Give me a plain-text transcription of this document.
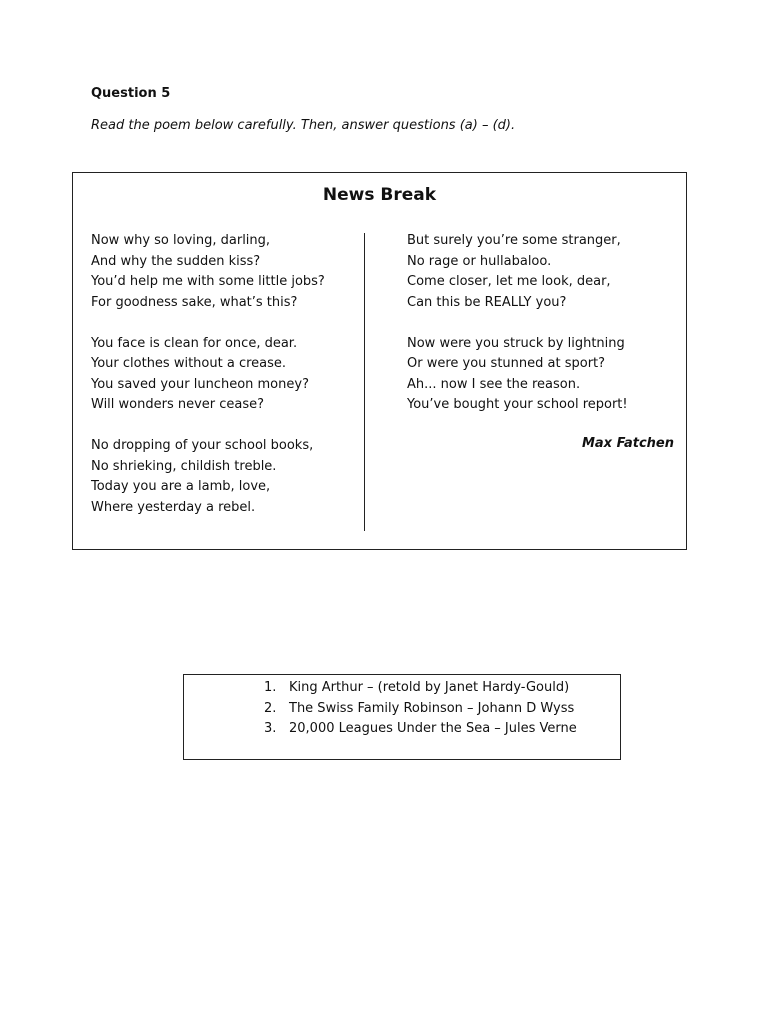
Question 5
Read the poem below carefully. Then, answer questions (a) – (d).
News Break
Now why so loving, darling,
And why the sudden kiss?
You’d help me with some little jobs?
For goodness sake, what’s this?
You face is clean for once, dear.
Your clothes without a crease.
You saved your luncheon money?
Will wonders never cease?
No dropping of your school books,
No shrieking, childish treble.
Today you are a lamb, love,
Where yesterday a rebel.
But surely you’re some stranger,
No rage or hullabaloo.
Come closer, let me look, dear,
Can this be REALLY you?
Now were you struck by lightning
Or were you stunned at sport?
Ah... now I see the reason.
You’ve bought your school report!
Max Fatchen
1. King Arthur – (retold by Janet Hardy-Gould)
2. The Swiss Family Robinson – Johann D Wyss
3. 20,000 Leagues Under the Sea – Jules Verne
